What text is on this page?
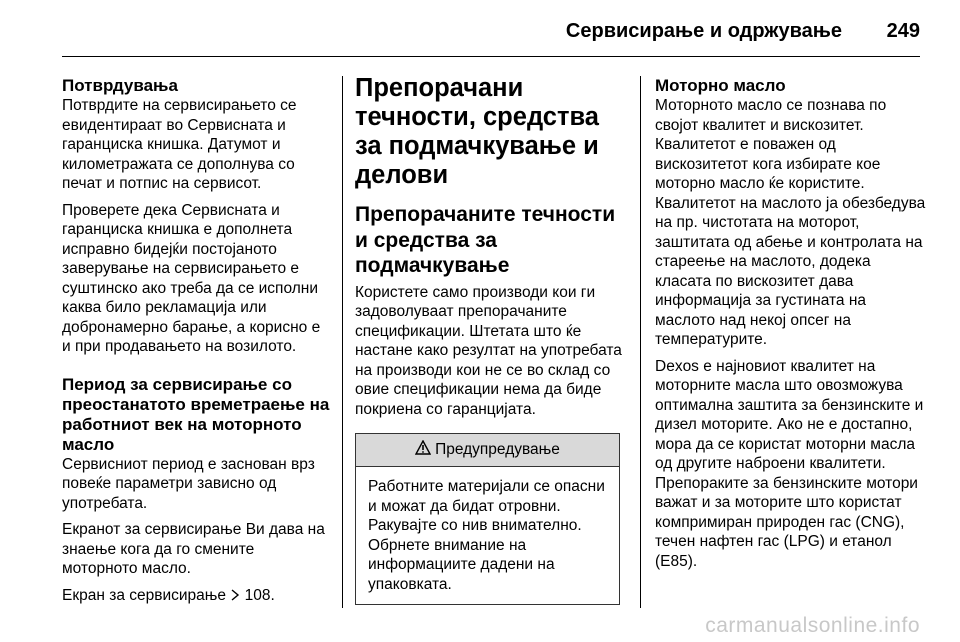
Сервисирање и одржување 249
Потврдувања
Потврдите на сервисирањето се евидентираат во Сервисната и гаранциска книшка. Датумот и километражата се дополнува со печат и потпис на сервисот.
Проверете дека Сервисната и гаранциска книшка е дополнета исправно бидејќи постојаното заверување на сервисирањето е суштинско ако треба да се исполни каква било рекламација или добронамерно барање, а корисно е и при продавањето на возилото.
Период за сервисирање со преостанатото времетраење на работниот век на моторното масло
Сервисниот период е заснован врз повеќе параметри зависно од употребата.
Екранот за сервисирање Ви дава на знаење кога да го смените моторното масло.
Екран за сервисирање 108.
Препорачани течности, средства за подмачкување и делови
Препорачаните течности и средства за подмачкување
Користете само производи кои ги задоволуваат препорачаните спецификации. Штетата што ќе настане како резултат на употребата на производи кои не се во склад со овие спецификации нема да биде покриена со гаранцијата.
Предупредување
Работните материјали се опасни и можат да бидат отровни. Ракувајте со нив внимателно. Обрнете внимание на информациите дадени на упаковката.
Моторно масло
Моторното масло се познава по својот квалитет и вискозитет. Квалитетот е поважен од вискозитетот кога избирате кое моторно масло ќе користите. Квалитетот на маслото ја обезбедува на пр. чистотата на моторот, заштитата од абење и контролата на стареење на маслото, додека класата по вискозитет дава информација за густината на маслото над некој опсег на температурите.
Dexos е најновиот квалитет на моторните масла што овозможува оптимална заштита за бензинските и дизел моторите. Ако не е достапно, мора да се користат моторни масла од другите наброени квалитети. Препораките за бензинските мотори важат и за моторите што користат компримиран природен гас (CNG), течен нафтен гас (LPG) и етанол (E85).
carmanualsonline.info
